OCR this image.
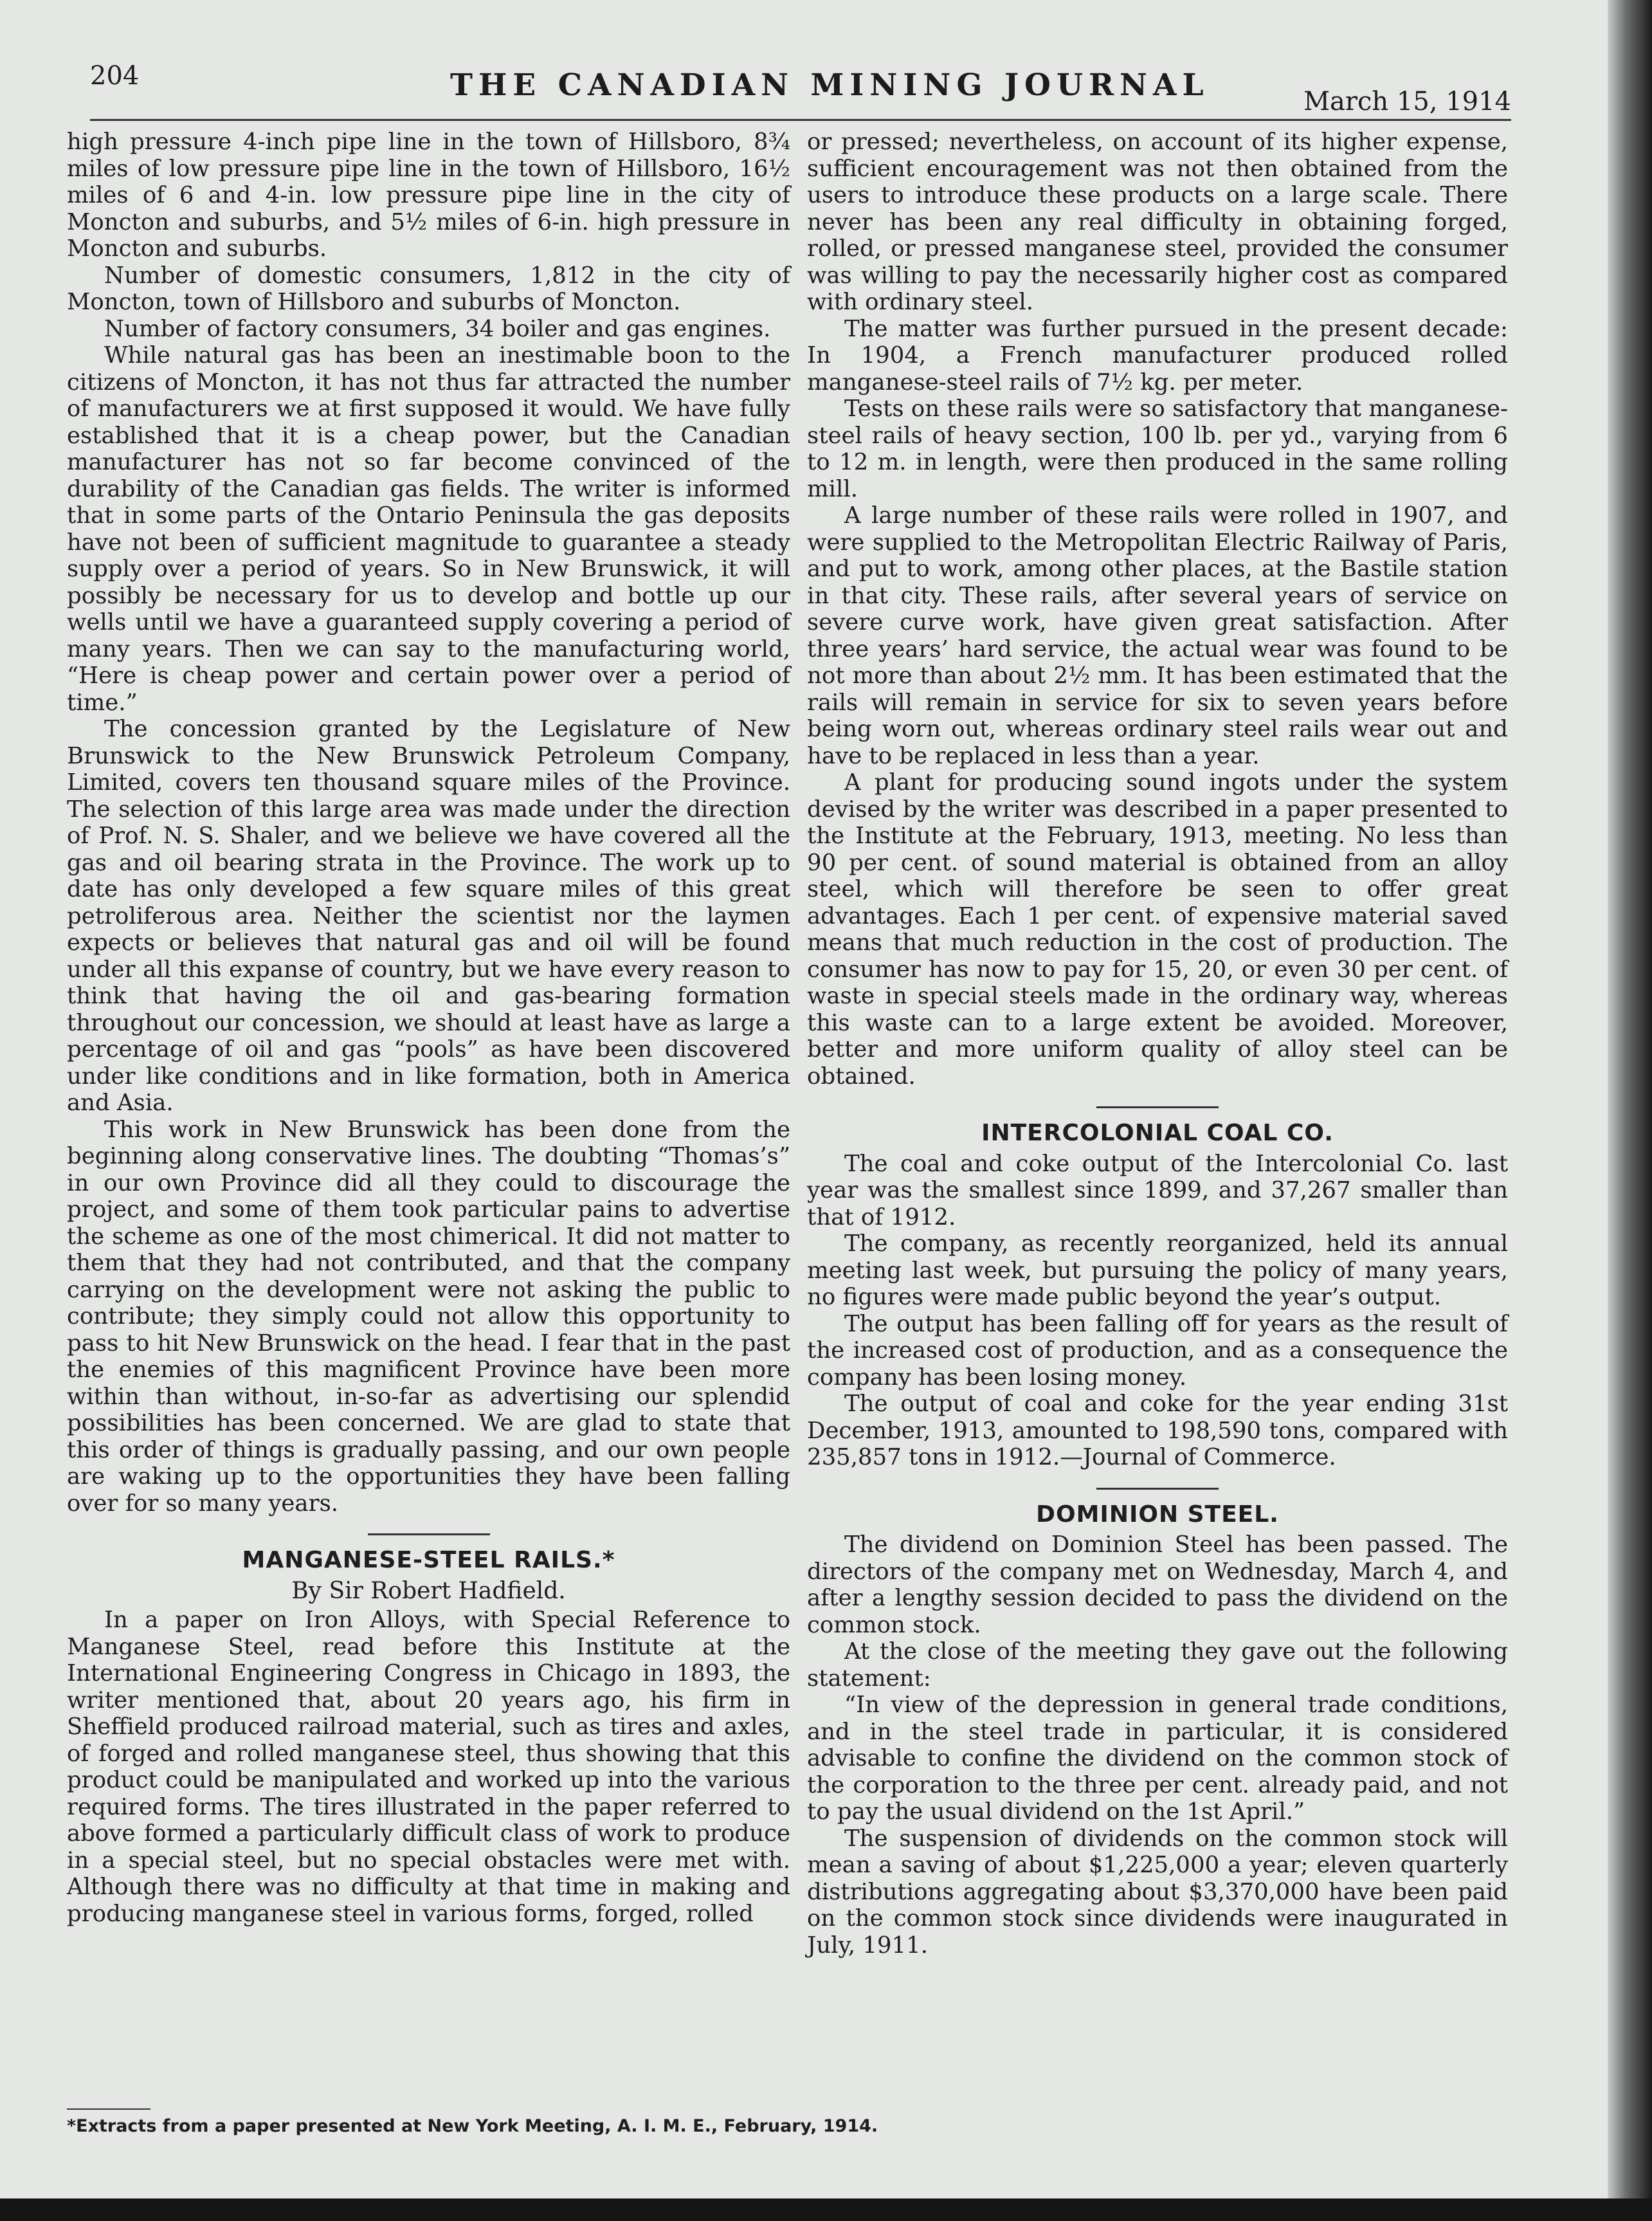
204	THE CANADIAN MINING JOURNAL	March 15, 1914

high pressure 4-inch pipe line in the town of Hillsboro, 8¾ miles of low pressure pipe line in the town of Hillsboro, 16½ miles of 6 and 4-in. low pressure pipe line in the city of Moncton and suburbs, and 5½ miles of 6-in. high pressure in Moncton and suburbs.

Number of domestic consumers, 1,812 in the city of Moncton, town of Hillsboro and suburbs of Moncton.

Number of factory consumers, 34 boiler and gas engines.

While natural gas has been an inestimable boon to the citizens of Moncton, it has not thus far attracted the number of manufacturers we at first supposed it would. We have fully established that it is a cheap power, but the Canadian manufacturer has not so far become convinced of the durability of the Canadian gas fields. The writer is informed that in some parts of the Ontario Peninsula the gas deposits have not been of sufficient magnitude to guarantee a steady supply over a period of years. So in New Brunswick, it will possibly be necessary for us to develop and bottle up our wells until we have a guaranteed supply covering a period of many years. Then we can say to the manufacturing world, “Here is cheap power and certain power over a period of time.”

The concession granted by the Legislature of New Brunswick to the New Brunswick Petroleum Company, Limited, covers ten thousand square miles of the Province. The selection of this large area was made under the direction of Prof. N. S. Shaler, and we believe we have covered all the gas and oil bearing strata in the Province. The work up to date has only developed a few square miles of this great petroliferous area. Neither the scientist nor the laymen expects or believes that natural gas and oil will be found under all this expanse of country, but we have every reason to think that having the oil and gas-bearing formation throughout our concession, we should at least have as large a percentage of oil and gas “pools” as have been discovered under like conditions and in like formation, both in America and Asia.

This work in New Brunswick has been done from the beginning along conservative lines. The doubting “Thomas’s” in our own Province did all they could to discourage the project, and some of them took particular pains to advertise the scheme as one of the most chimerical. It did not matter to them that they had not contributed, and that the company carrying on the development were not asking the public to contribute; they simply could not allow this opportunity to pass to hit New Brunswick on the head. I fear that in the past the enemies of this magnificent Province have been more within than without, in-so-far as advertising our splendid possibilities has been concerned. We are glad to state that this order of things is gradually passing, and our own people are waking up to the opportunities they have been falling over for so many years.

MANGANESE-STEEL RAILS.*
By Sir Robert Hadfield.

In a paper on Iron Alloys, with Special Reference to Manganese Steel, read before this Institute at the International Engineering Congress in Chicago in 1893, the writer mentioned that, about 20 years ago, his firm in Sheffield produced railroad material, such as tires and axles, of forged and rolled manganese steel, thus showing that this product could be manipulated and worked up into the various required forms. The tires illustrated in the paper referred to above formed a particularly difficult class of work to produce in a special steel, but no special obstacles were met with. Although there was no difficulty at that time in making and producing manganese steel in various forms, forged, rolled

or pressed; nevertheless, on account of its higher expense, sufficient encouragement was not then obtained from the users to introduce these products on a large scale. There never has been any real difficulty in obtaining forged, rolled, or pressed manganese steel, provided the consumer was willing to pay the necessarily higher cost as compared with ordinary steel.

The matter was further pursued in the present decade: In 1904, a French manufacturer produced rolled manganese-steel rails of 7½ kg. per meter.

Tests on these rails were so satisfactory that manganese-steel rails of heavy section, 100 lb. per yd., varying from 6 to 12 m. in length, were then produced in the same rolling mill.

A large number of these rails were rolled in 1907, and were supplied to the Metropolitan Electric Railway of Paris, and put to work, among other places, at the Bastile station in that city. These rails, after several years of service on severe curve work, have given great satisfaction. After three years’ hard service, the actual wear was found to be not more than about 2½ mm. It has been estimated that the rails will remain in service for six to seven years before being worn out, whereas ordinary steel rails wear out and have to be replaced in less than a year.

A plant for producing sound ingots under the system devised by the writer was described in a paper presented to the Institute at the February, 1913, meeting. No less than 90 per cent. of sound material is obtained from an alloy steel, which will therefore be seen to offer great advantages. Each 1 per cent. of expensive material saved means that much reduction in the cost of production. The consumer has now to pay for 15, 20, or even 30 per cent. of waste in special steels made in the ordinary way, whereas this waste can to a large extent be avoided. Moreover, better and more uniform quality of alloy steel can be obtained.

INTERCOLONIAL COAL CO.

The coal and coke output of the Intercolonial Co. last year was the smallest since 1899, and 37,267 smaller than that of 1912.

The company, as recently reorganized, held its annual meeting last week, but pursuing the policy of many years, no figures were made public beyond the year’s output.

The output has been falling off for years as the result of the increased cost of production, and as a consequence the company has been losing money.

The output of coal and coke for the year ending 31st December, 1913, amounted to 198,590 tons, compared with 235,857 tons in 1912.—Journal of Commerce.

DOMINION STEEL.

The dividend on Dominion Steel has been passed. The directors of the company met on Wednesday, March 4, and after a lengthy session decided to pass the dividend on the common stock.

At the close of the meeting they gave out the following statement:

“In view of the depression in general trade conditions, and in the steel trade in particular, it is considered advisable to confine the dividend on the common stock of the corporation to the three per cent. already paid, and not to pay the usual dividend on the 1st April.”

The suspension of dividends on the common stock will mean a saving of about $1,225,000 a year; eleven quarterly distributions aggregating about $3,370,000 have been paid on the common stock since dividends were inaugurated in July, 1911.

*Extracts from a paper presented at New York Meeting, A. I. M. E., February, 1914.
